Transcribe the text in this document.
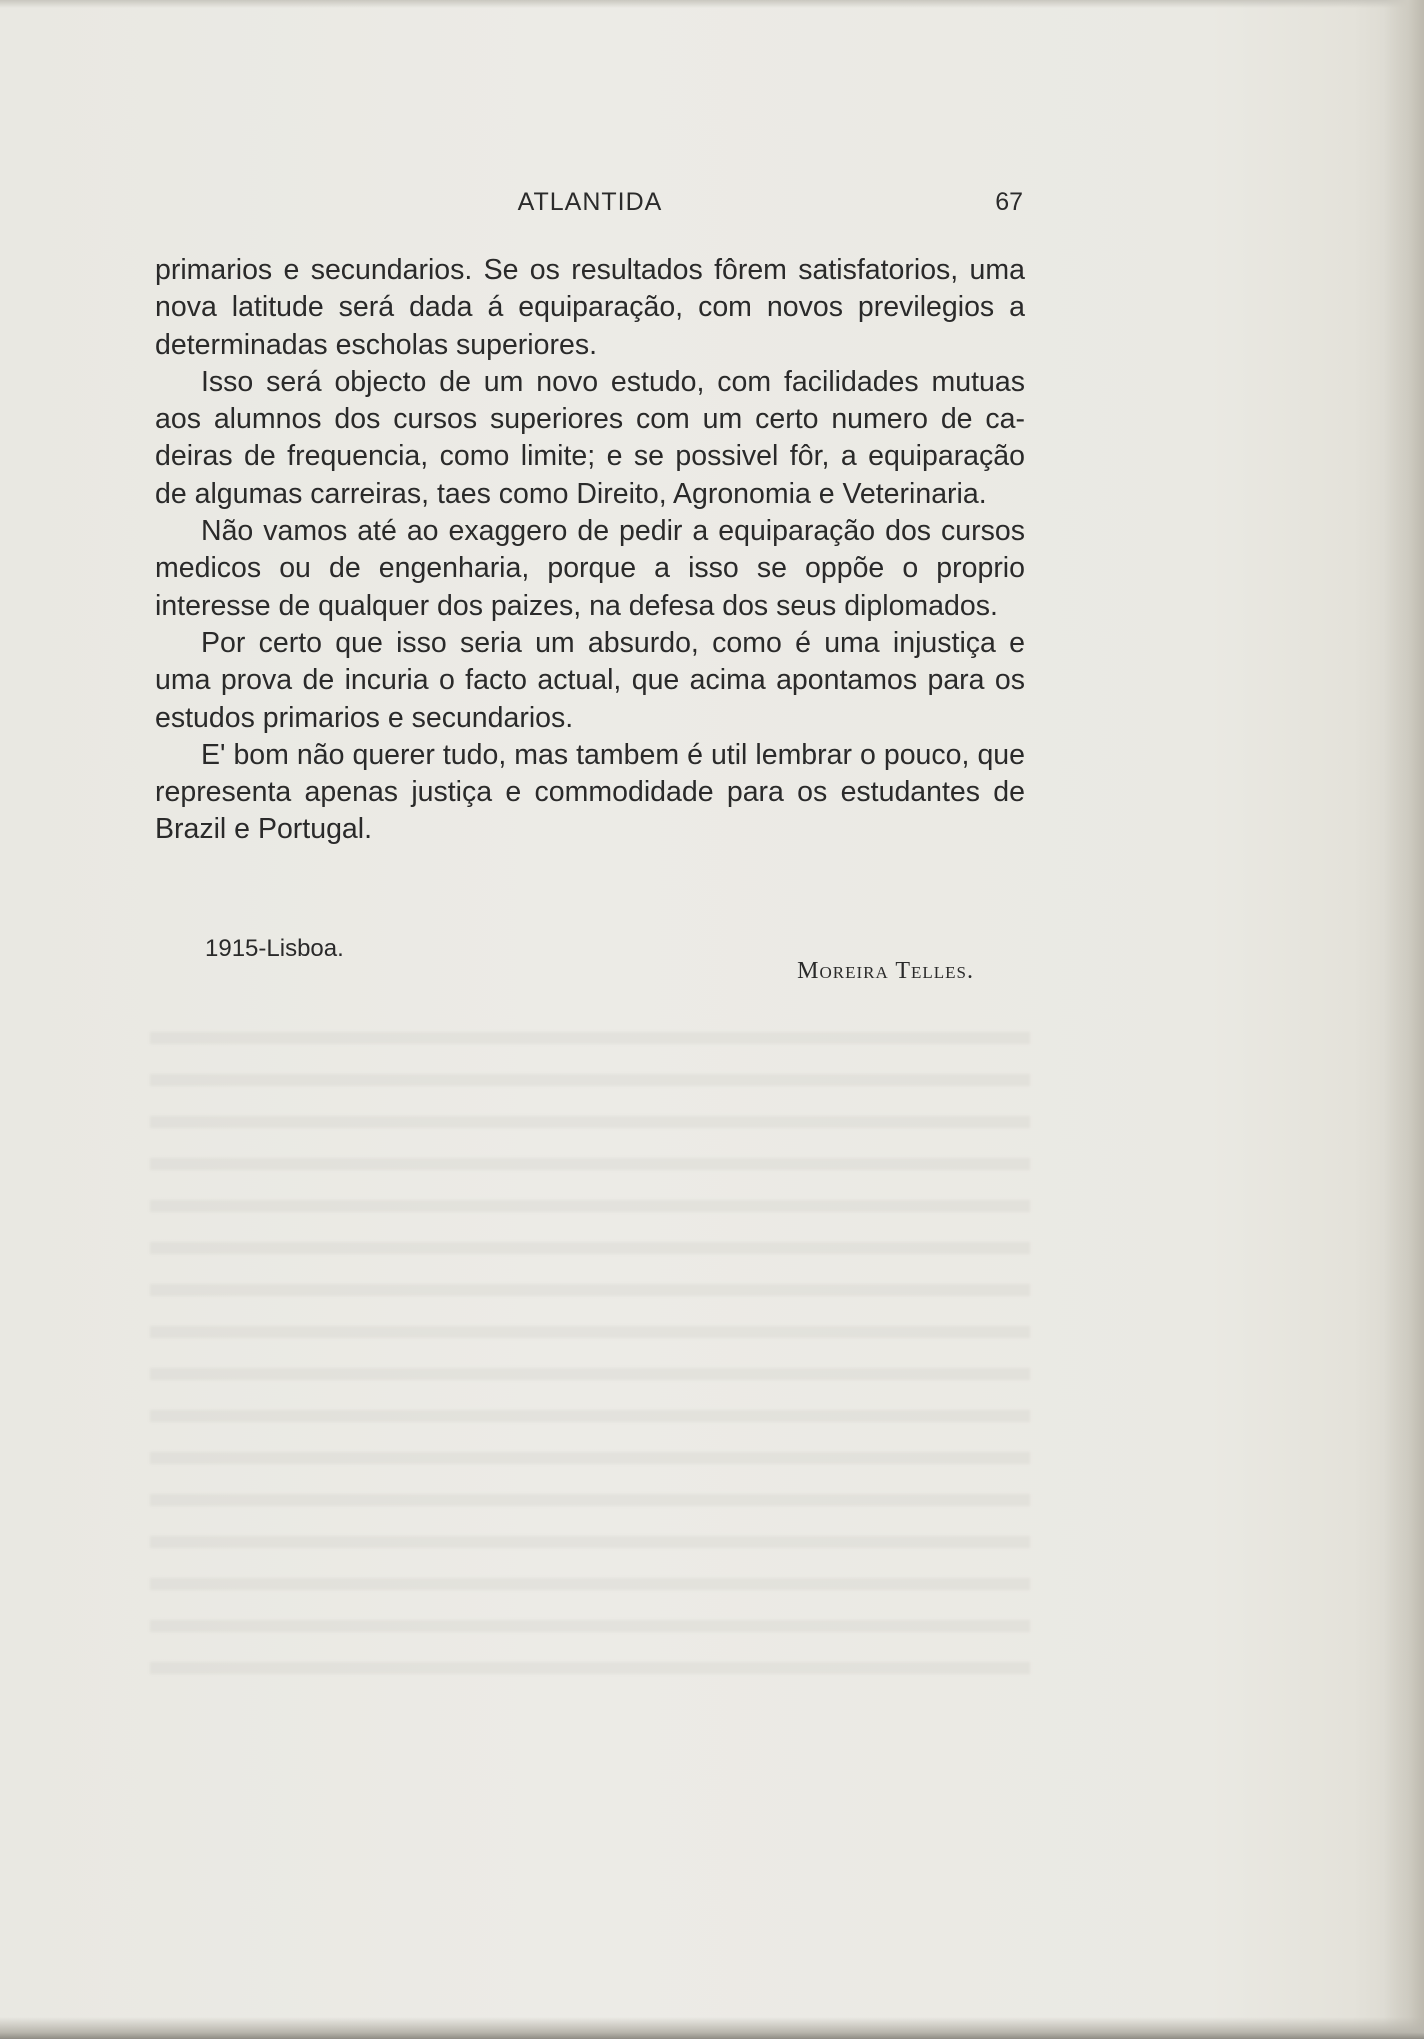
ATLANTIDA	67

primarios e secundarios. Se os resultados fôrem satisfatorios, uma nova latitude será dada á equiparação, com novos previlegios a determinadas escholas superiores.

Isso será objecto de um novo estudo, com facilidades mutuas aos alumnos dos cursos superiores com um certo numero de cadeiras de frequencia, como limite; e se possivel fôr, a equiparação de algumas carreiras, taes como Direito, Agronomia e Veterinaria.

Não vamos até ao exaggero de pedir a equiparação dos cursos medicos ou de engenharia, porque a isso se oppõe o proprio interesse de qualquer dos paizes, na defesa dos seus diplomados.

Por certo que isso seria um absurdo, como é uma injustiça e uma prova de incuria o facto actual, que acima apontamos para os estudos primarios e secundarios.

E' bom não querer tudo, mas tambem é util lembrar o pouco, que representa apenas justiça e commodidade para os estudantes de Brazil e Portugal.

1915-Lisboa.
Moreira Telles.
